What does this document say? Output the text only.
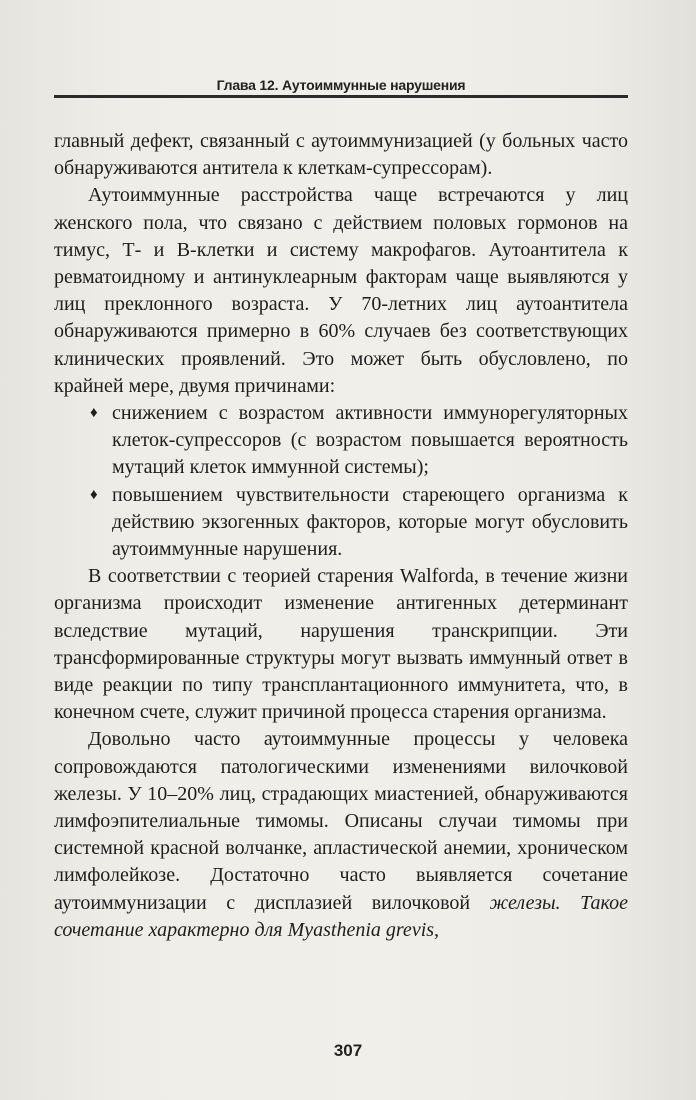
Глава 12. Аутоиммунные нарушения

главный дефект, связанный с аутоиммунизацией (у больных часто обнаруживаются антитела к клеткам-супрессорам).

Аутоиммунные расстройства чаще встречаются у лиц женского пола, что связано с действием половых гормонов на тимус, Т- и В-клетки и систему макрофагов. Аутоантитела к ревматоидному и антинуклеарным факторам чаще выявляются у лиц преклонного возраста. У 70-летних лиц аутоантитела обнаруживаются примерно в 60% случаев без соответствующих клинических проявлений. Это может быть обусловлено, по крайней мере, двумя причинами:

♦ снижением с возрастом активности иммунорегуляторных клеток-супрессоров (с возрастом повышается вероятность мутаций клеток иммунной системы);
♦ повышением чувствительности стареющего организма к действию экзогенных факторов, которые могут обусловить аутоиммунные нарушения.

В соответствии с теорией старения Walforda, в течение жизни организма происходит изменение антигенных детерминант вследствие мутаций, нарушения транскрипции. Эти трансформированные структуры могут вызвать иммунный ответ в виде реакции по типу трансплантационного иммунитета, что, в конечном счете, служит причиной процесса старения организма.

Довольно часто аутоиммунные процессы у человека сопровождаются патологическими изменениями вилочковой железы. У 10–20% лиц, страдающих миастенией, обнаруживаются лимфоэпителиальные тимомы. Описаны случаи тимомы при системной красной волчанке, апластической анемии, хроническом лимфолейкозе. Достаточно часто выявляется сочетание аутоиммунизации с дисплазией вилочковой железы. Такое сочетание характерно для Myasthenia grevis,

307
